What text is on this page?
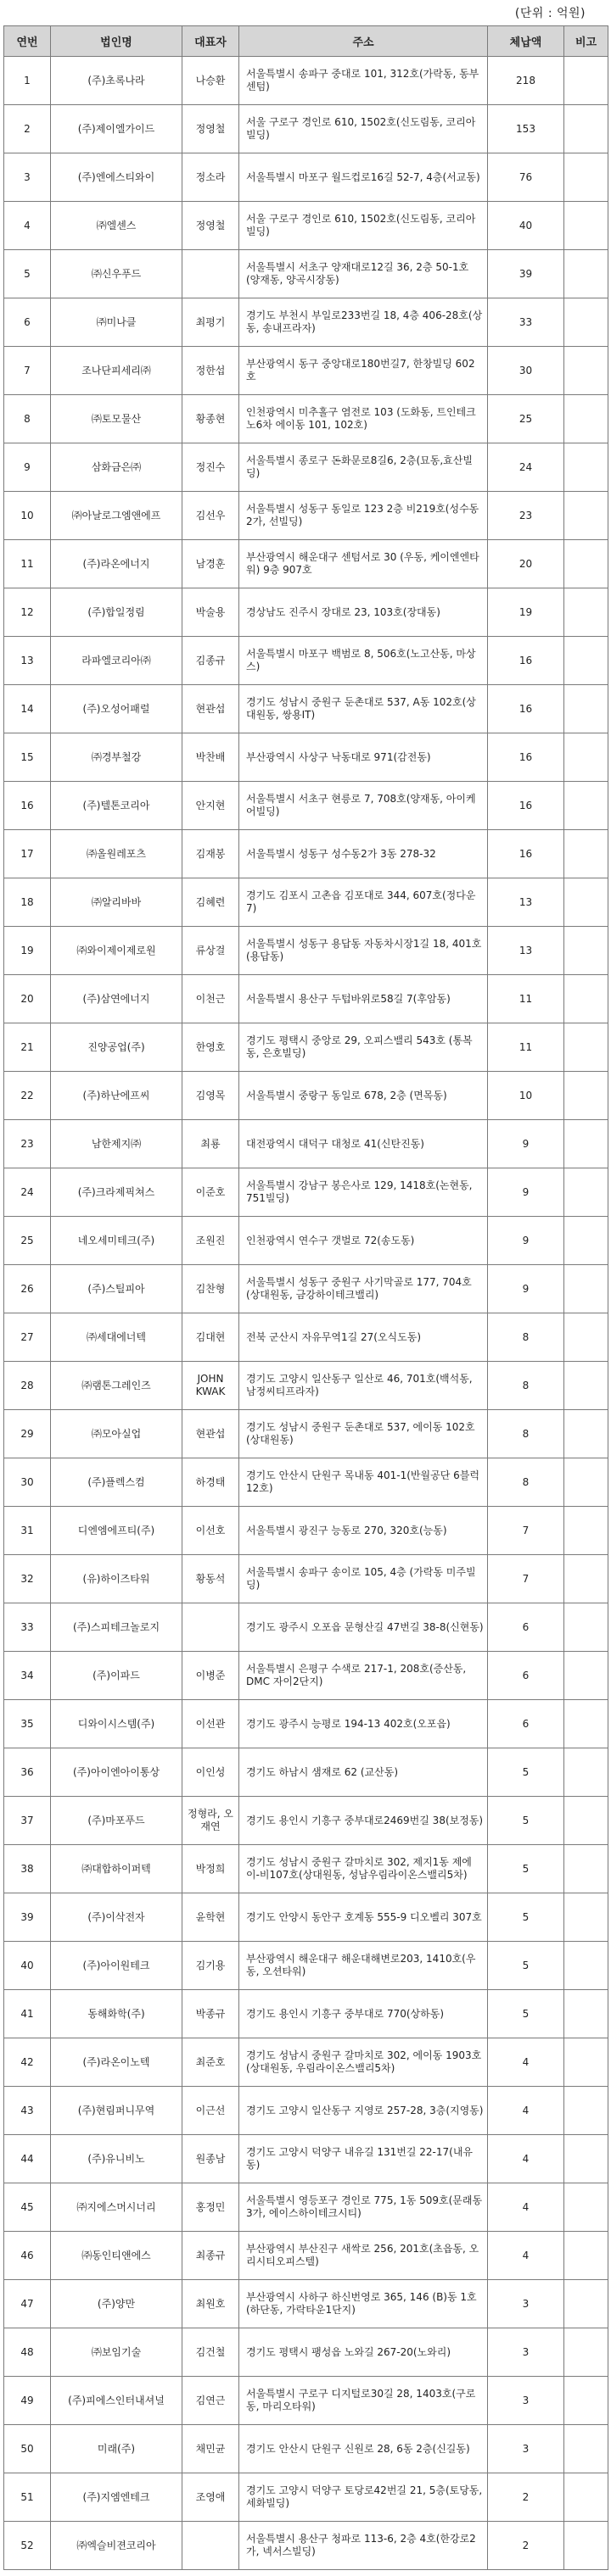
(단위 : 억원)
연번	법인명	대표자	주소	체납액	비고
1	(주)초록나라	나승환	서울특별시 송파구 중대로 101, 312호(가락동, 동부센텀)	218	
2	(주)제이엘가이드	정영철	서울 구로구 경인로 610, 1502호(신도림동, 코리아빌딩)	153	
3	(주)엔에스티와이	정소라	서울특별시 마포구 월드컵로16길 52-7, 4층(서교동)	76	
4	㈜엘센스	정영철	서울 구로구 경인로 610, 1502호(신도림동, 코리아빌딩)	40	
5	㈜신우푸드		서울특별시 서초구 양재대로12길 36, 2층 50-1호 (양재동, 양곡시장동)	39	
6	㈜미나클	최평기	경기도 부천시 부일로233번길 18, 4층 406-28호(상동, 송내프라자)	33	
7	조나단피세리㈜	정한섭	부산광역시 동구 중앙대로180번길7, 한창빌딩 602호	30	
8	㈜토모물산	황종현	인천광역시 미추홀구 염전로 103 (도화동, 트인테크노6차 에이동 101, 102호)	25	
9	삼화금은㈜	정진수	서울특별시 종로구 돈화문로8길6, 2층(묘동,효산빌딩)	24	
10	㈜아날로그엠앤에프	김선우	서울특별시 성동구 동일로 123 2층 비219호(성수동2가, 선빌딩)	23	
11	(주)라온에너지	남경훈	부산광역시 해운대구 센텀서로 30 (우동, 케이엔엔타워) 9층 907호	20	
12	(주)합일정림	박술용	경상남도 진주시 장대로 23, 103호(장대동)	19	
13	라파엘코리아㈜	김종규	서울특별시 마포구 백범로 8, 506호(노고산동, 마상스)	16	
14	(주)오성어패럴	현관섭	경기도 성남시 중원구 둔촌대로 537, A동 102호(상대원동, 쌍용IT)	16	
15	㈜경부철강	박찬배	부산광역시 사상구 낙동대로 971(감전동)	16	
16	(주)텔톤코리아	안지현	서울특별시 서초구 현릉로 7, 708호(양재동, 아이케어빌딩)	16	
17	㈜올원레포츠	김재봉	서울특별시 성동구 성수동2가 3동 278-32	16	
18	㈜알리바바	김혜련	경기도 김포시 고촌읍 김포대로 344, 607호(정다운 7)	13	
19	㈜와이제이제로원	류상걸	서울특별시 성동구 용답동 자동차시장1길 18, 401호(용답동)	13	
20	(주)삼연에너지	이천근	서울특별시 용산구 두텁바위로58길 7(후암동)	11	
21	진양공업(주)	한영호	경기도 평택시 중앙로 29, 오피스밸리 543호 (통복동, 은호빌딩)	11	
22	(주)하난에프씨	김영목	서울특별시 중랑구 동일로 678, 2층 (면목동)	10	
23	남한제지㈜	최룡	대전광역시 대덕구 대청로 41(신탄진동)	9	
24	(주)크라제픽쳐스	이준호	서울특별시 강남구 봉은사로 129, 1418호(논현동, 751빌딩)	9	
25	네오세미테크(주)	조원진	인천광역시 연수구 갯벌로 72(송도동)	9	
26	(주)스틸피아	김찬형	서울특별시 성동구 중원구 사기막골로 177, 704호(상대원동, 금강하이테크밸리)	9	
27	㈜세대에너텍	김대현	전북 군산시 자유무역1길 27(오식도동)	8	
28	㈜램톤그레인즈	JOHN KWAK	경기도 고양시 일산동구 일산로 46, 701호(백석동, 남정씨티프라자)	8	
29	㈜모아실업	현관섭	경기도 성남시 중원구 둔촌대로 537, 에이동 102호(상대원동)	8	
30	(주)플렉스컴	하경태	경기도 안산시 단원구 목내동 401-1(반월공단 6블럭 12호)	8	
31	디엔엠에프티(주)	이선호	서울특별시 광진구 능동로 270, 320호(능동)	7	
32	(유)하이즈타워	황동석	서울특별시 송파구 송이로 105, 4층 (가락동 미주빌딩)	7	
33	(주)스피테크놀로지		경기도 광주시 오포읍 문형산길 47번길 38-8(신현동)	6	
34	(주)이파드	이병준	서울특별시 은평구 수색로 217-1, 208호(증산동, DMC 자이2단지)	6	
35	디와이시스템(주)	이선관	경기도 광주시 능평로 194-13 402호(오포읍)	6	
36	(주)아이엔아이통상	이인성	경기도 하남시 샘재로 62 (교산동)	5	
37	(주)마포푸드	정형라, 오재연	경기도 용인시 기흥구 중부대로2469번길 38(보정동)	5	
38	㈜대합하이퍼텍	박정희	경기도 성남시 중원구 갈마치로 302, 제지1동 제에이-비107호(상대원동, 성남우림라이온스밸리5차)	5	
39	(주)이삭전자	윤학현	경기도 안양시 동안구 호계동 555-9 디오벨리 307호	5	
40	(주)아이원테크	김기용	부산광역시 해운대구 해운대해변로203, 1410호(우동, 오션타워)	5	
41	동해화학(주)	박종규	경기도 용인시 기흥구 중부대로 770(상하동)	5	
42	(주)라온이노텍	최준호	경기도 성남시 중원구 갈마치로 302, 에이동 1903호(상대원동, 우림라이온스밸리5차)	4	
43	(주)현림퍼니무역	이근선	경기도 고양시 일산동구 지영로 257-28, 3층(지영동)	4	
44	(주)유니비노	원종남	경기도 고양시 덕양구 내유길 131번길 22-17(내유동)	4	
45	㈜지에스머시너리	홍정민	서울특별시 영등포구 경인로 775, 1동 509호(문래동3가, 에이스하이테크시티)	4	
46	㈜동인티앤에스	최종규	부산광역시 부산진구 새싹로 256, 201호(초읍동, 오리시티오피스텔)	4	
47	(주)양만	최원호	부산광역시 사하구 하신번영로 365, 146 (B)동 1호(하단동, 가락타운1단지)	3	
48	㈜보임기술	김건철	경기도 평택시 팽성읍 노와길 267-20(노와리)	3	
49	(주)피에스인터내셔널	김연근	서울특별시 구로구 디지털로30길 28, 1403호(구로동, 마리오타워)	3	
50	미래(주)	채민균	경기도 안산시 단원구 신원로 28, 6동 2층(신길동)	3	
51	(주)지엠엔테크	조영애	경기도 고양시 덕양구 토당로42번길 21, 5층(토당동, 세화빌딩)	2	
52	㈜엑슬비젼코리아		서울특별시 용산구 청파로 113-6, 2층 4호(한강로2가, 넥서스빌딩)	2	
